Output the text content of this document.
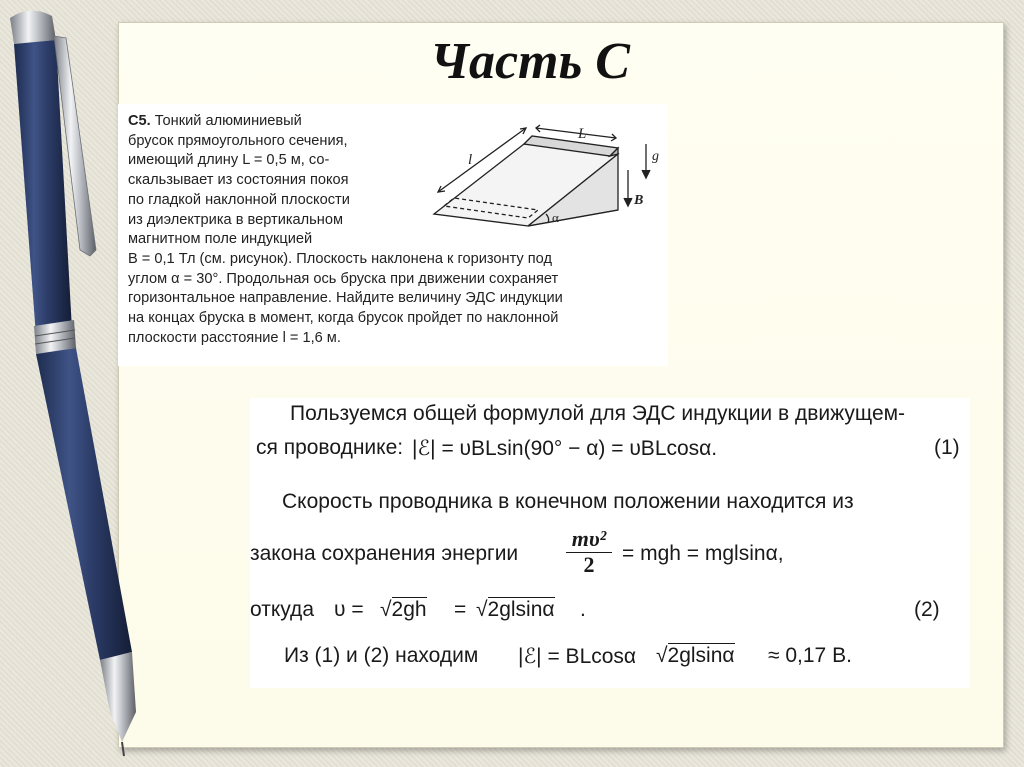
Часть С
С5. Тонкий алюминиевый
брусок прямоугольного сечения,
имеющий длину L = 0,5 м, со-
скальзывает из состояния покоя
по гладкой наклонной плоскости
из диэлектрика в вертикальном
магнитном поле индукцией
B = 0,1 Тл (см. рисунок). Плоскость наклонена к горизонту под
углом α = 30°. Продольная ось бруска при движении сохраняет
горизонтальное направление. Найдите величину ЭДС индукции
на концах бруска в момент, когда брусок пройдет по наклонной
плоскости расстояние l = 1,6 м.
L
l
α
g
B
Пользуемся общей формулой для ЭДС индукции в движущем-
ся проводнике: |ℰ| = υBLsin(90° − α) = υBLcosα.	(1)
Скорость проводника в конечном положении находится из
закона сохранения энергии $\frac{\text{mυ²}}{2}$ = mgh = mglsinα,
откуда υ = √2gh = √2glsinα .	(2)
Из (1) и (2) находим |ℰ| = BLcosα √2glsinα ≈ 0,17 В.
